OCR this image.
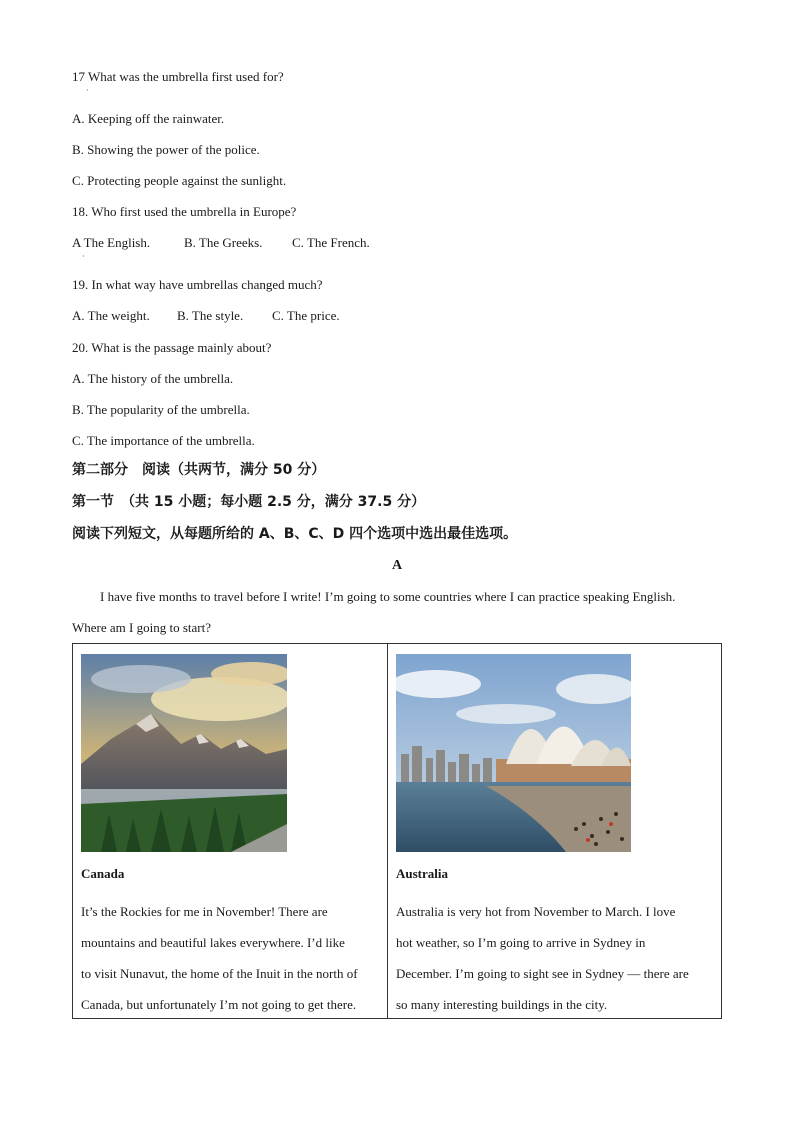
17 What was the umbrella first used for?
·
A. Keeping off the rainwater.
B. Showing the power of the police.
C. Protecting people against the sunlight.
18. Who first used the umbrella in Europe?
A The English.	B. The Greeks. C. The French.
·
19. In what way have umbrellas changed much?
A. The weight. B. The style. C. The price.
20. What is the passage mainly about?
A. The history of the umbrella.
B. The popularity of the umbrella.
C. The importance of the umbrella.
第二部分　阅读（共两节，满分 50 分）
第一节　（共 15 小题；每小题 2.5 分，满分 37.5 分）
阅读下列短文，从每题所给的 A、B、C、D 四个选项中选出最佳选项。
A
I have five months to travel before I write! I’m going to some countries where I can practice speaking English.
Where am I going to start?
Canada
It’s the Rockies for me in November! There are
mountains and beautiful lakes everywhere. I’d like
to visit Nunavut, the home of the Inuit in the north of
Canada, but unfortunately I’m not going to get there.

Australia
Australia is very hot from November to March. I love
hot weather, so I’m going to arrive in Sydney in
December. I’m going to sight see in Sydney — there are
so many interesting buildings in the city.
